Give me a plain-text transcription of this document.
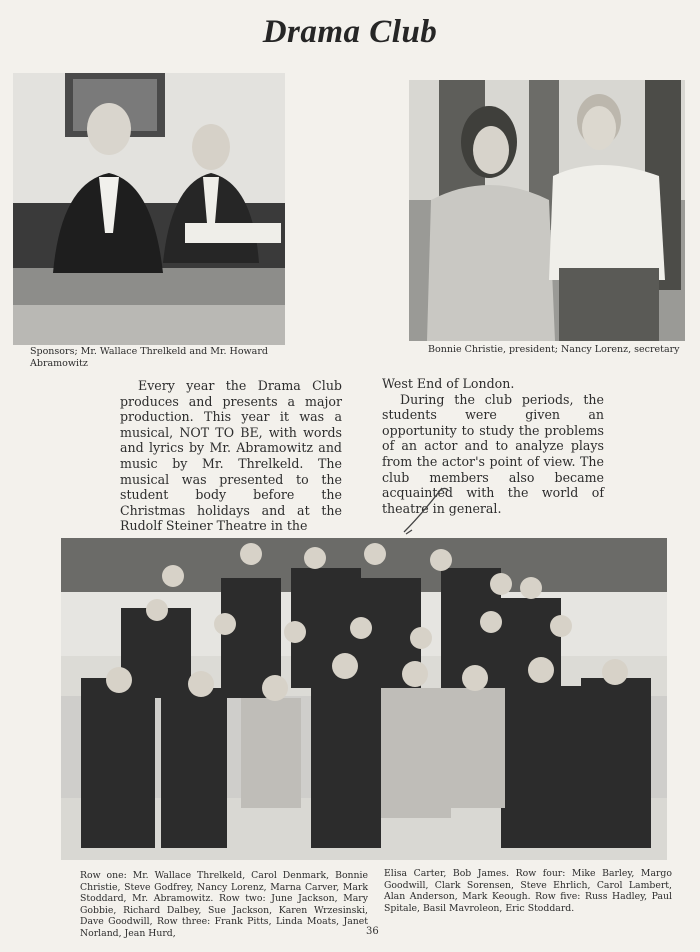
Drama Club
Sponsors; Mr. Wallace Threlkeld and Mr. Howard Abramowitz
Bonnie Christie, president; Nancy Lorenz, secretary

Every year the Drama Club produces and presents a major production. This year it was a musical, NOT TO BE, with words and lyrics by Mr. Abramowitz and music by Mr. Threlkeld. The musical was presented to the student body before the Christmas holidays and at the Rudolf Steiner Theatre in the

West End of London.

During the club periods, the students were given an opportunity to study the problems of an actor and to analyze plays from the actor's point of view. The club members also became acquainted with the world of theatre in general.

Row one: Mr. Wallace Threlkeld, Carol Denmark, Bonnie Christie, Steve Godfrey, Nancy Lorenz, Marna Carver, Mark Stoddard, Mr. Abramowitz. Row two: June Jackson, Mary Gobbie, Richard Dalbey, Sue Jackson, Karen Wrzesinski, Dave Goodwill, Row three: Frank Pitts, Linda Moats, Janet Norland, Jean Hurd,
Elisa Carter, Bob James. Row four: Mike Barley, Margo Goodwill, Clark Sorensen, Steve Ehrlich, Carol Lambert, Alan Anderson, Mark Keough. Row five: Russ Hadley, Paul Spitale, Basil Mavroleon, Eric Stoddard.
36
